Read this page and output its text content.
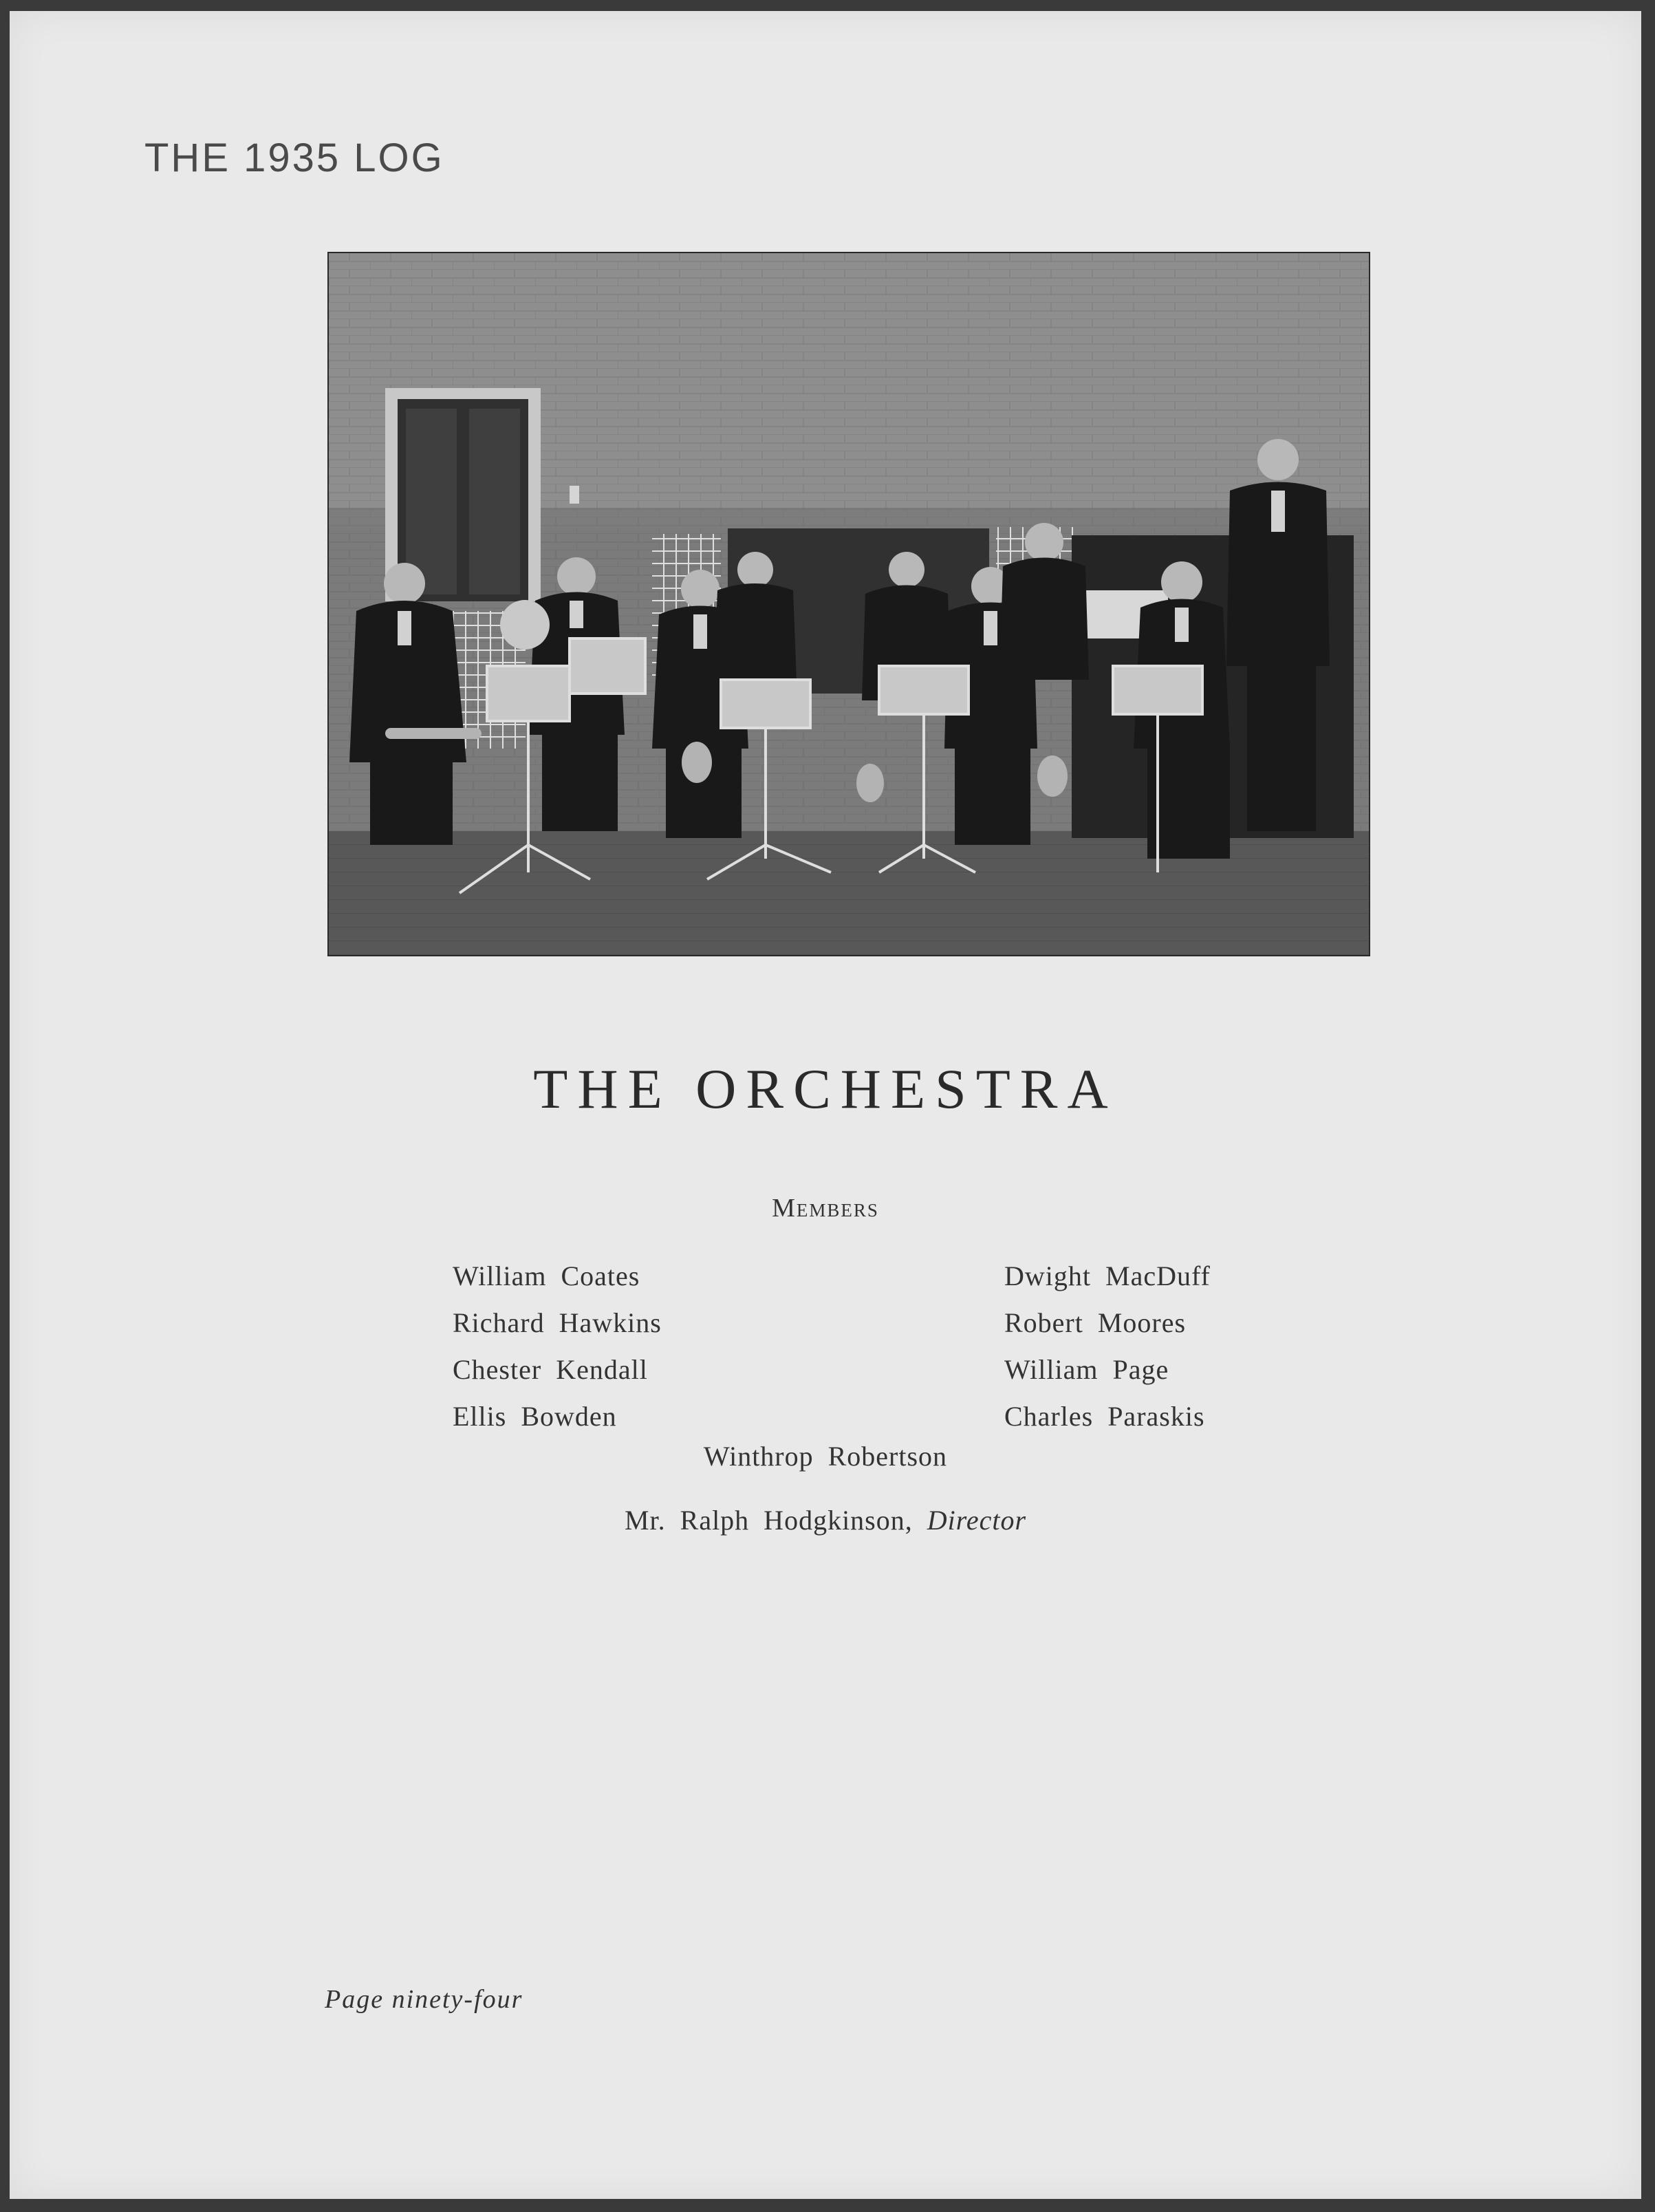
THE 1935 LOG
THE ORCHESTRA
Members
William Coates
Richard Hawkins
Chester Kendall
Ellis Bowden
Dwight MacDuff
Robert Moores
William Page
Charles Paraskis
Winthrop Robertson
Mr. Ralph Hodgkinson, Director
Page ninety-four
